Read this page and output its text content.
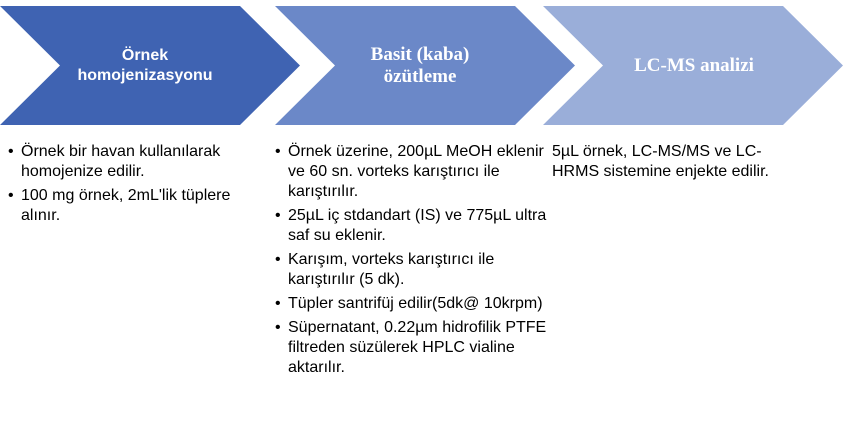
Örnek
homojenizasyonu
Basit (kaba)
özütleme
LC-MS analizi
• Örnek bir havan kullanılarak homojenize edilir.
• 100 mg örnek, 2mL'lik tüplere alınır.
• Örnek üzerine, 200µL MeOH eklenir ve 60 sn. vorteks karıştırıcı ile karıştırılır.
• 25µL iç stdandart (IS) ve 775µL ultra saf su eklenir.
• Karışım, vorteks karıştırıcı ile karıştırılır (5 dk).
• Tüpler santrifüj edilir(5dk@ 10krpm)
• Süpernatant, 0.22µm hidrofilik PTFE filtreden süzülerek HPLC vialine aktarılır.

5µL örnek, LC-MS/MS ve LC-HRMS sistemine enjekte edilir.
